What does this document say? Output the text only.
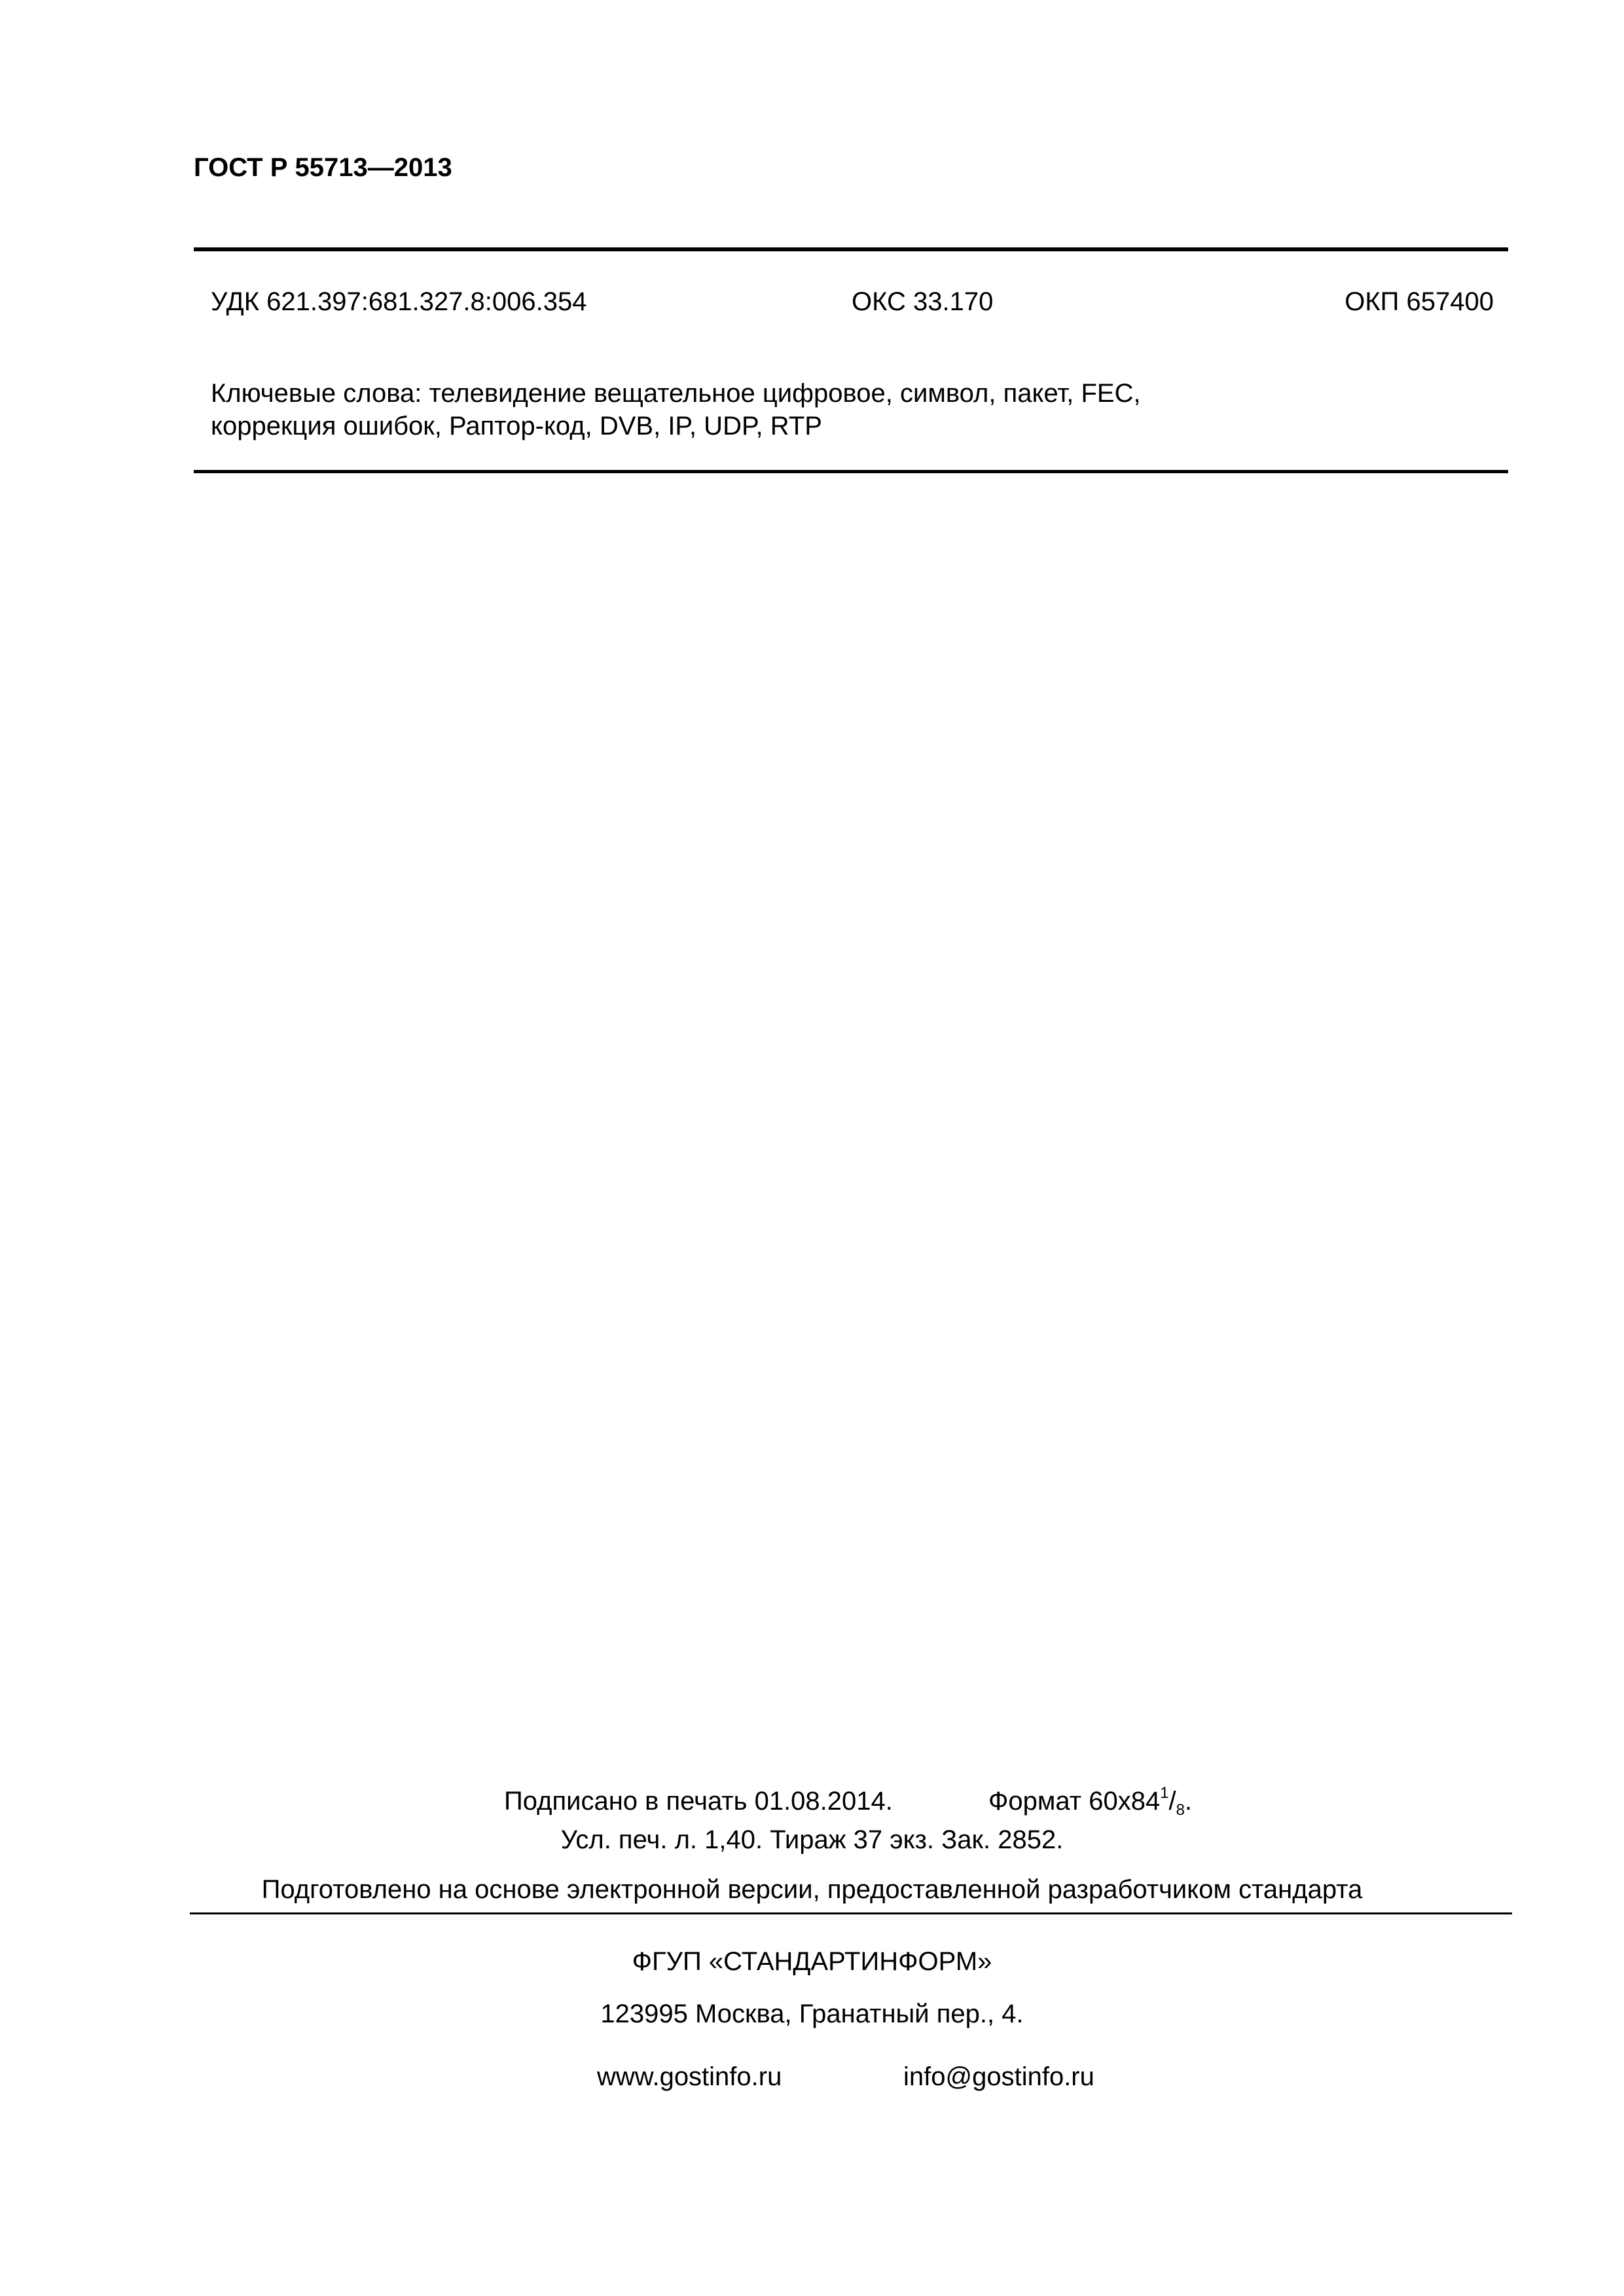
ГОСТ Р 55713—2013
УДК 621.397:681.327.8:006.354	ОКС 33.170	ОКП 657400
Ключевые слова: телевидение вещательное цифровое, символ, пакет, FEC,
коррекция ошибок, Раптор-код, DVB, IP, UDP, RTP
Подписано в печать 01.08.2014.	Формат $60x84^1/_8$.
Усл. печ. л. 1,40. Тираж 37 экз. Зак. 2852.
Подготовлено на основе электронной версии, предоставленной разработчиком стандарта
ФГУП «СТАНДАРТИНФОРМ»
123995 Москва, Гранатный пер., 4.
www.gostinfo.ru	info@gostinfo.ru
